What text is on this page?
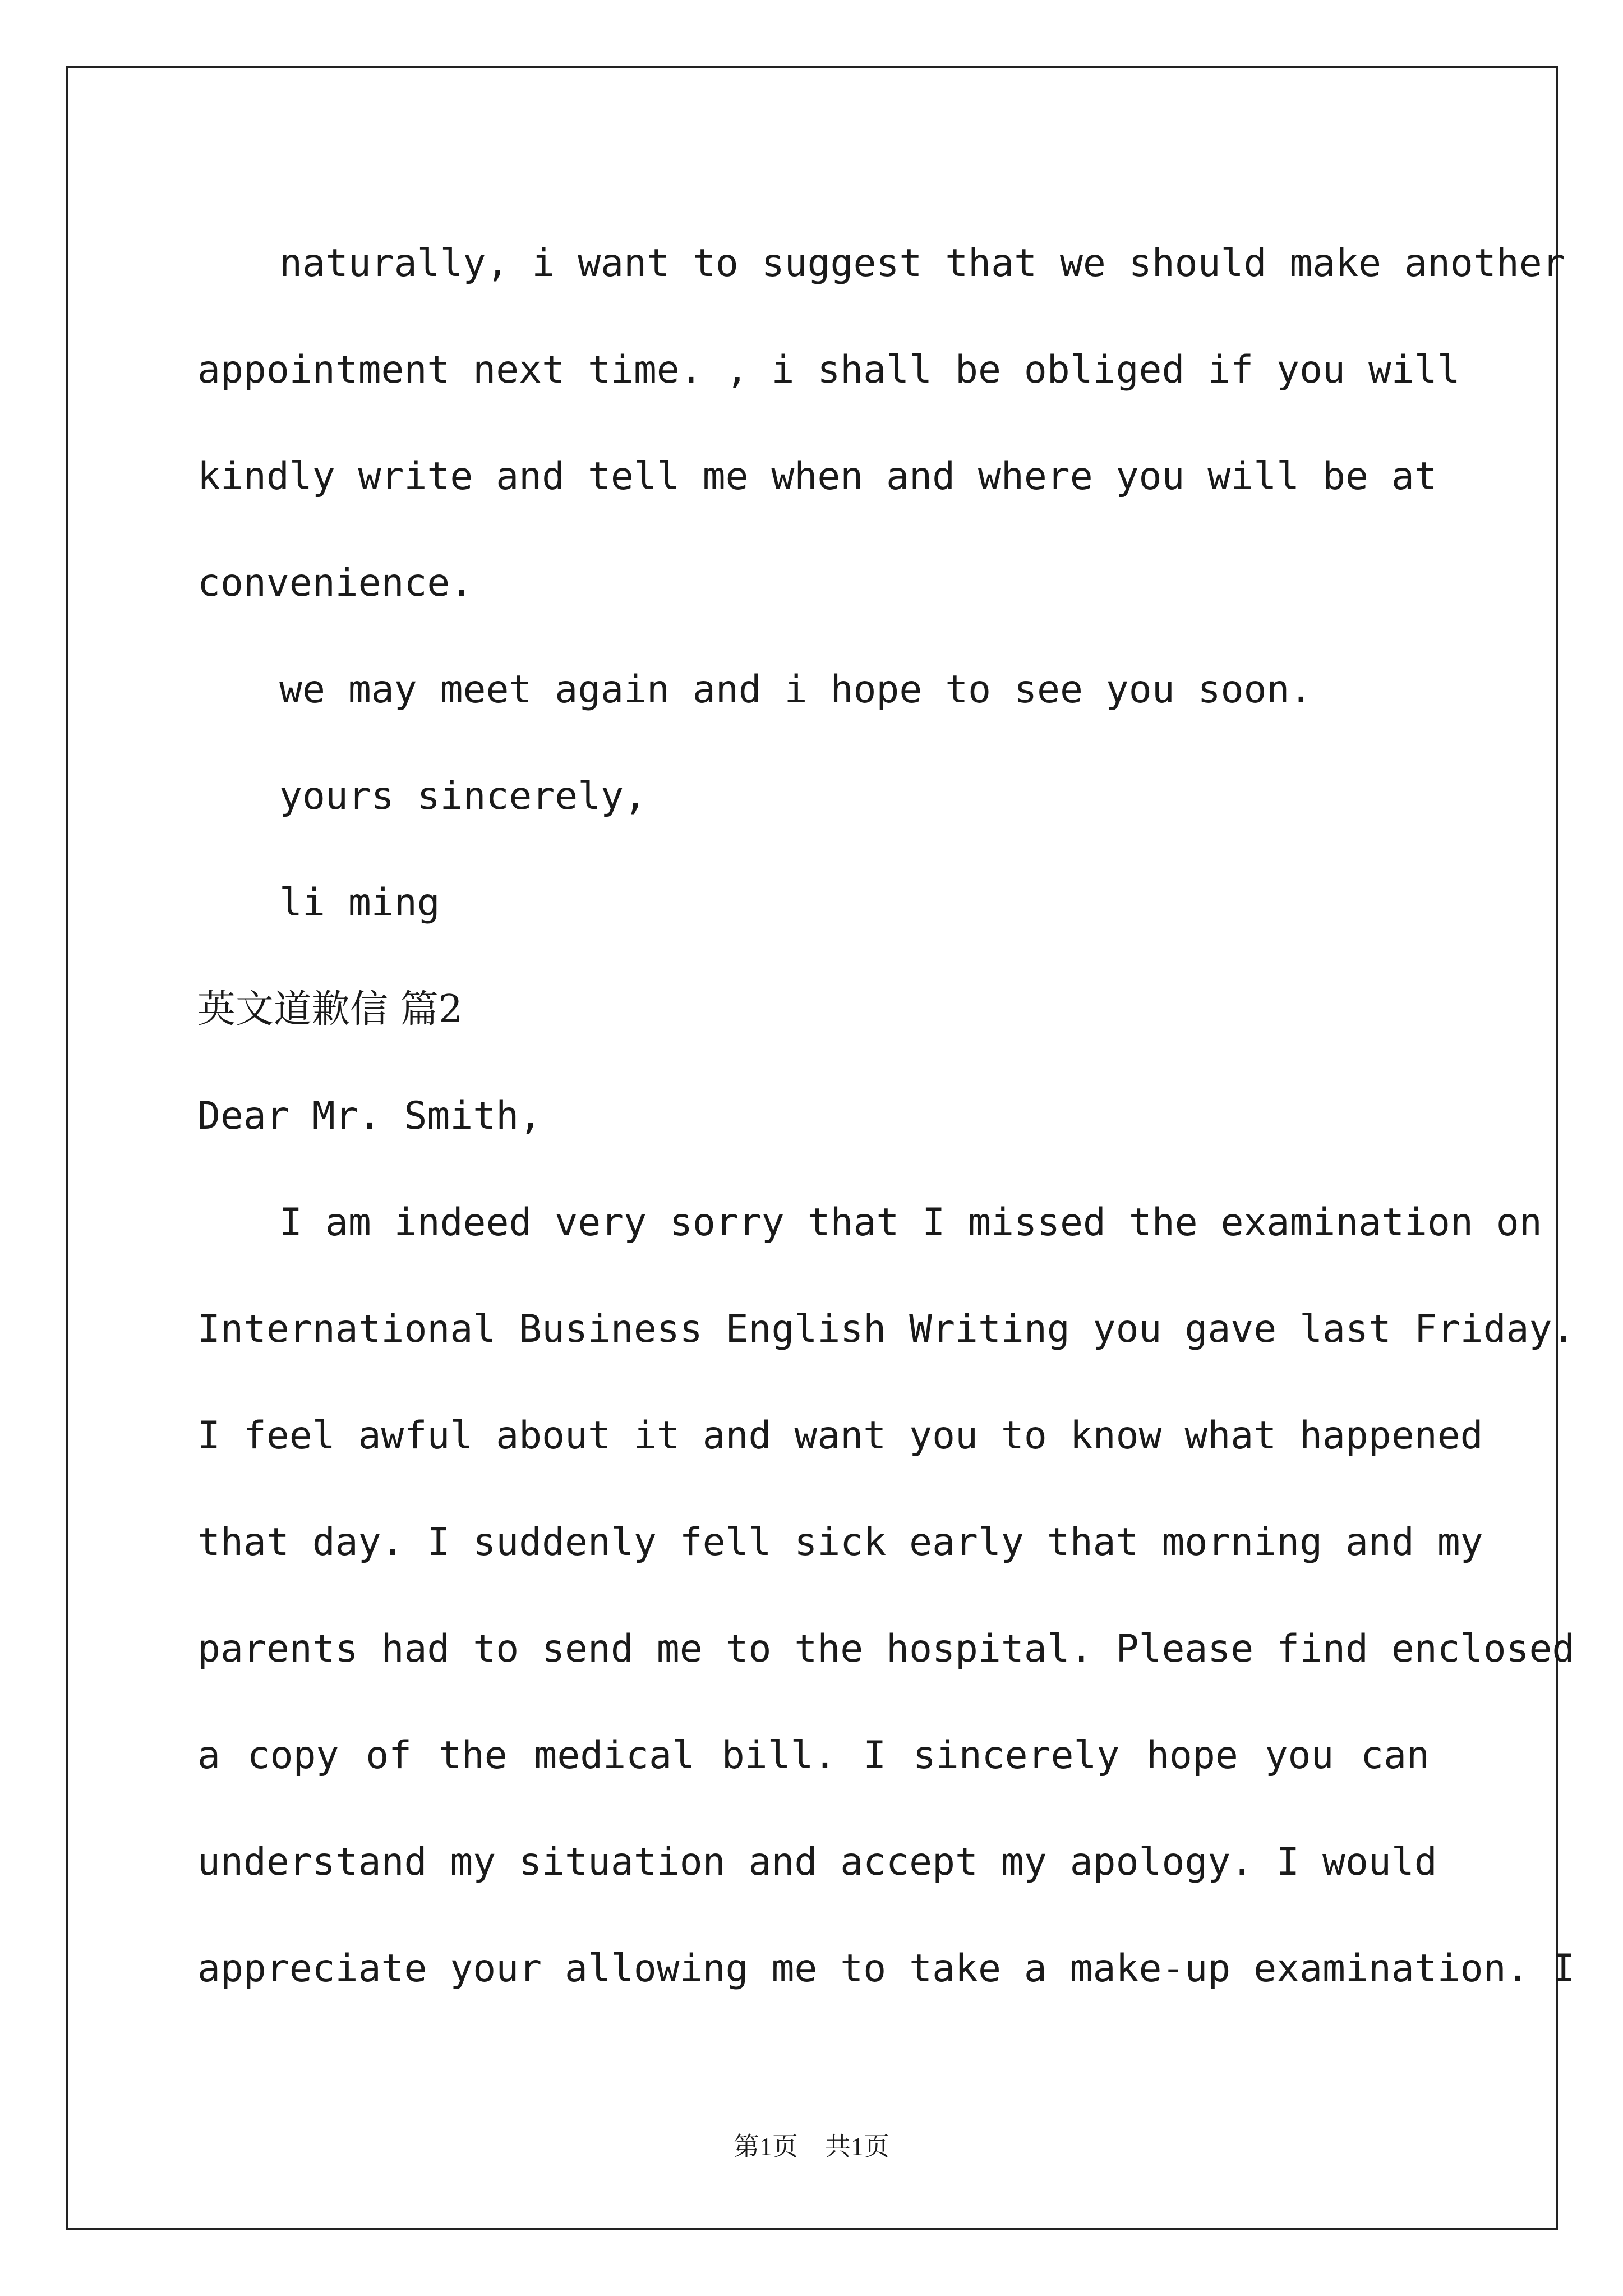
naturally, i want to suggest that we should make another
appointment next time. , i shall be obliged if you will
kindly write and tell me when and where you will be at
convenience.
we may meet again and i hope to see you soon.
yours sincerely,
li ming
英文道歉信 篇2
Dear Mr. Smith,
I am indeed very sorry that I missed the examination on
International Business English Writing you gave last Friday.
I feel awful about it and want you to know what happened
that day. I suddenly fell sick early that morning and my
parents had to send me to the hospital. Please find enclosed
a copy of the medical bill. I sincerely hope you can
understand my situation and accept my apology. I would
appreciate your allowing me to take a make-up examination. I
第1页 共1页
